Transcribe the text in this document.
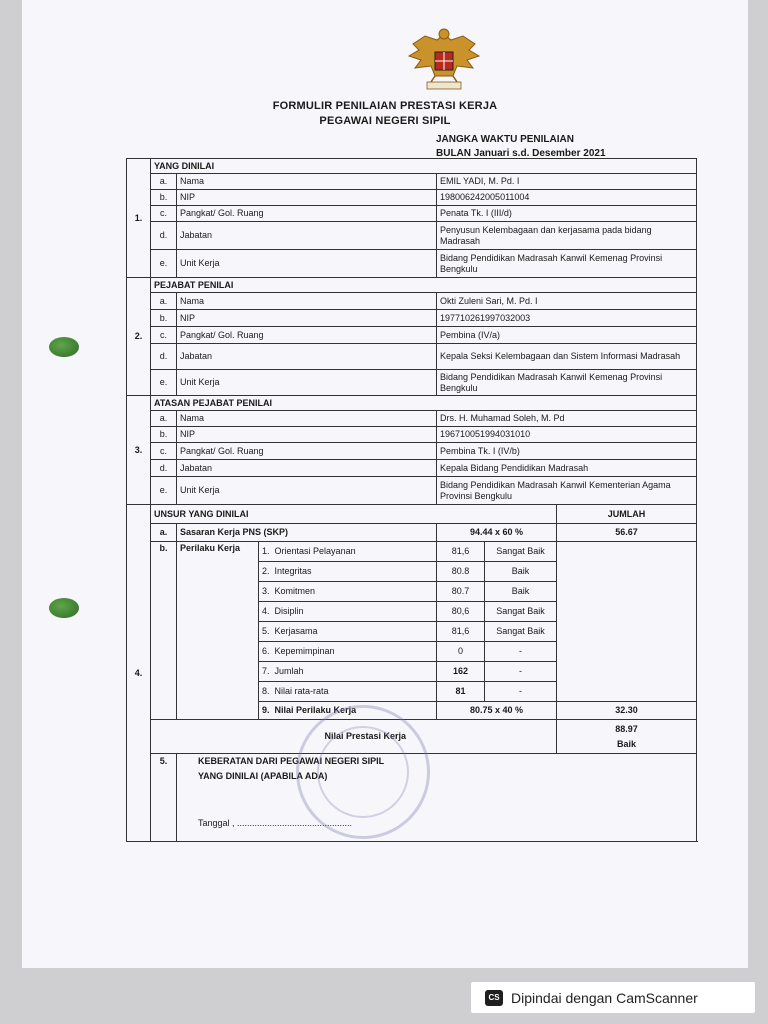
FORMULIR PENILAIAN PRESTASI KERJA
PEGAWAI NEGERI SIPIL
JANGKA WAKTU PENILAIAN
BULAN Januari s.d. Desember 2021
1.	YANG DINILAI					
	a.	Nama		EMIL YADI, M. Pd. I		
	b.	NIP		198006242005011004		
	c.	Pangkat/ Gol. Ruang		Penata Tk. I (III/d)		
	d.	Jabatan		Penyusun Kelembagaan dan kerjasama pada bidang Madrasah		
	e.	Unit Kerja		Bidang Pendidikan Madrasah Kanwil Kemenag Provinsi Bengkulu		
2.	PEJABAT PENILAI					
	a.	Nama		Okti Zuleni Sari, M. Pd. I		
	b.	NIP		197710261997032003		
	c.	Pangkat/ Gol. Ruang		Pembina (IV/a)		
	d.	Jabatan		Kepala Seksi Kelembagaan dan Sistem Informasi Madrasah		
	e.	Unit Kerja		Bidang Pendidikan Madrasah Kanwil Kemenag Provinsi Bengkulu		
3.	ATASAN PEJABAT PENILAI					
	a.	Nama		Drs. H. Muhamad Soleh, M. Pd		
	b.	NIP		196710051994031010		
	c.	Pangkat/ Gol. Ruang		Pembina Tk. I (IV/b)		
	d.	Jabatan		Kepala Bidang Pendidikan Madrasah		
	e.	Unit Kerja		Bidang Pendidikan Madrasah Kanwil Kementerian Agama Provinsi Bengkulu		
4.	UNSUR YANG DINILAI					JUMLAH
	a.	Sasaran Kerja PNS (SKP)		94.44 x 60 %		56.67
	b.	Perilaku Kerja	1. Orientasi Pelayanan	81,6	Sangat Baik	
			2. Integritas	80.8	Baik	
			3. Komitmen	80.7	Baik	
			4. Disiplin	80,6	Sangat Baik	
			5. Kerjasama	81,6	Sangat Baik	
			6. Kepemimpinan	0	-	
			7. Jumlah	162	-	
			8. Nilai rata-rata	81	-	
			9. Nilai Perilaku Kerja	80.75 x 40 %		32.30
	Nilai Prestasi Kerja					88.97
Baik

	5.	KEBERATAN DARI PEGAWAI NEGERI SIPIL
YANG DINILAI (APABILA ADA)
Tanggal , ..............................................				
CS Dipindai dengan CamScanner
